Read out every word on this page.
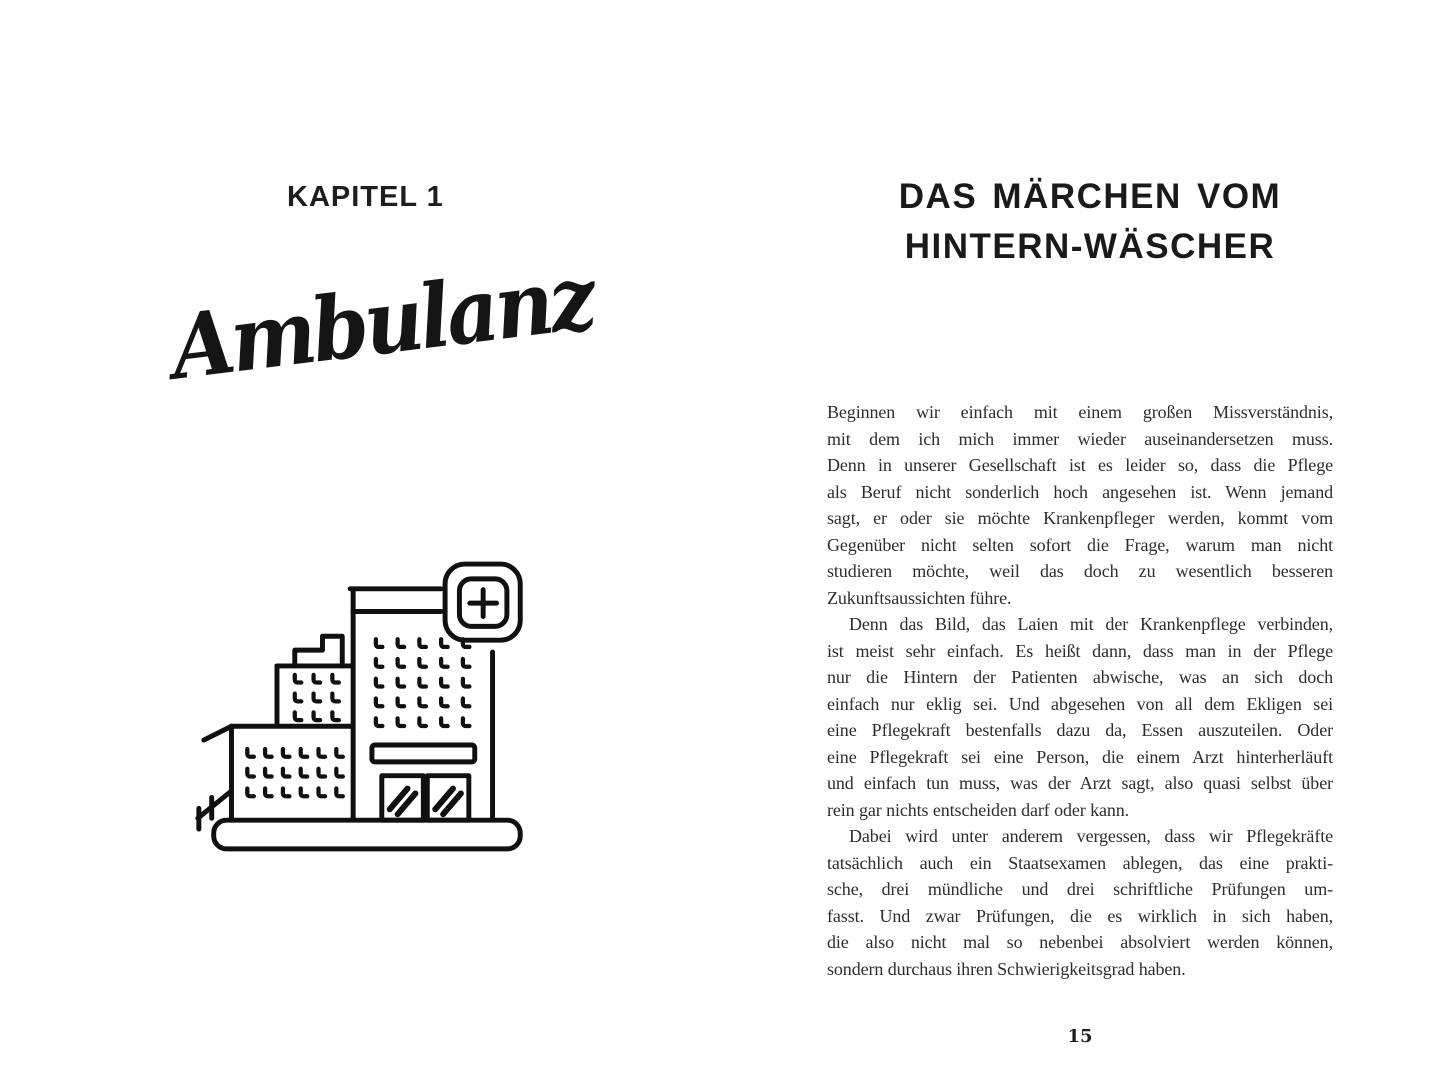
KAPITEL 1
Ambulanz
DAS MÄRCHEN VOM
HINTERN-WÄSCHER
Beginnen wir einfach mit einem großen Missverständnis,
mit dem ich mich immer wieder auseinandersetzen muss.
Denn in unserer Gesellschaft ist es leider so, dass die Pflege
als Beruf nicht sonderlich hoch angesehen ist. Wenn jemand
sagt, er oder sie möchte Krankenpfleger werden, kommt vom
Gegenüber nicht selten sofort die Frage, warum man nicht
studieren möchte, weil das doch zu wesentlich besseren
Zukunftsaussichten führe.
Denn das Bild, das Laien mit der Krankenpflege verbinden,
ist meist sehr einfach. Es heißt dann, dass man in der Pflege
nur die Hintern der Patienten abwische, was an sich doch
einfach nur eklig sei. Und abgesehen von all dem Ekligen sei
eine Pflegekraft bestenfalls dazu da, Essen auszuteilen. Oder
eine Pflegekraft sei eine Person, die einem Arzt hinterherläuft
und einfach tun muss, was der Arzt sagt, also quasi selbst über
rein gar nichts entscheiden darf oder kann.
Dabei wird unter anderem vergessen, dass wir Pflegekräfte
tatsächlich auch ein Staatsexamen ablegen, das eine prakti-
sche, drei mündliche und drei schriftliche Prüfungen um-
fasst. Und zwar Prüfungen, die es wirklich in sich haben,
die also nicht mal so nebenbei absolviert werden können,
sondern durchaus ihren Schwierigkeitsgrad haben.
15
